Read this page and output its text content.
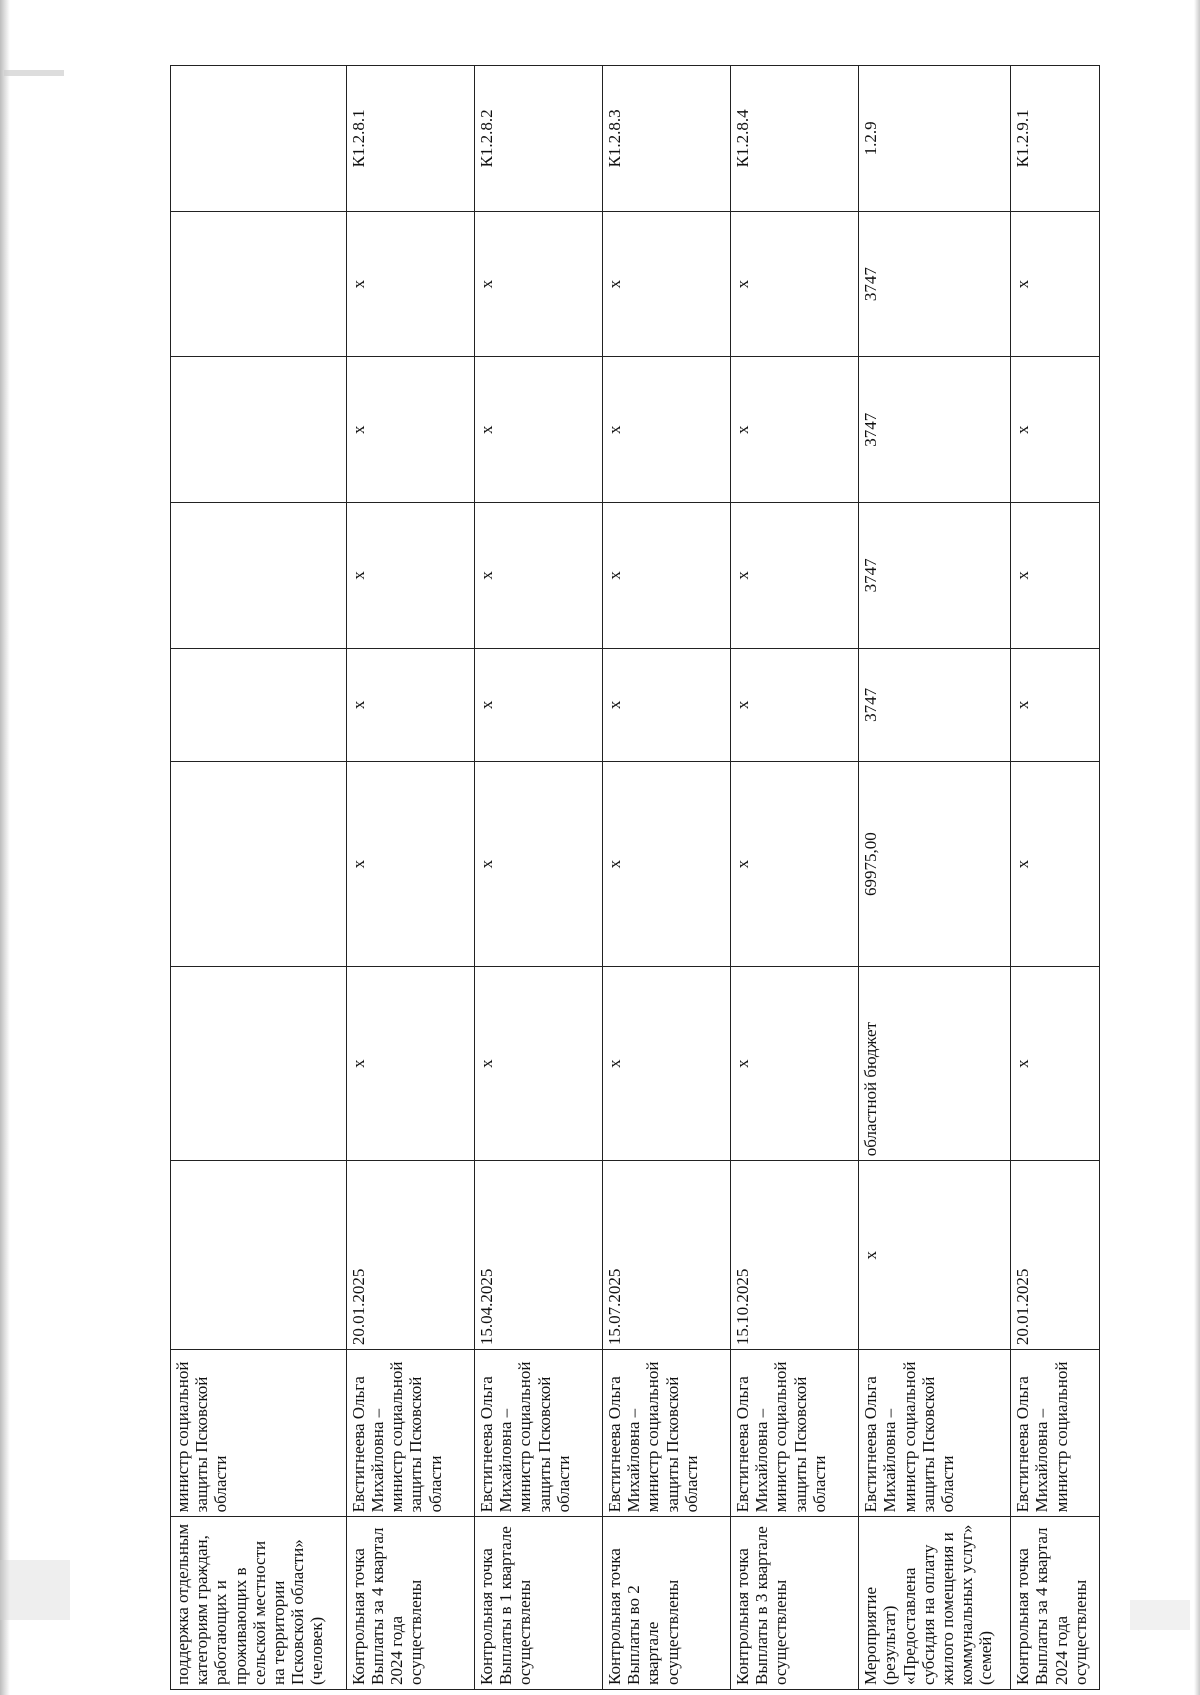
поддержка отдельным категориям граждан, работающих и проживающих в сельской местности на территории Псковской области» (человек)	министр социальной защиты Псковской области								
Контрольная точка Выплаты за 4 квартал 2024 года осуществлены	Евстигнеева Ольга Михайловна – министр социальной защиты Псковской области	20.01.2025	х	х	х	х	х	х	К1.2.8.1
Контрольная точка Выплаты в 1 квартале осуществлены	Евстигнеева Ольга Михайловна – министр социальной защиты Псковской области	15.04.2025	х	х	х	х	х	х	К1.2.8.2
Контрольная точка Выплаты во 2 квартале осуществлены	Евстигнеева Ольга Михайловна – министр социальной защиты Псковской области	15.07.2025	х	х	х	х	х	х	К1.2.8.3
Контрольная точка Выплаты в 3 квартале осуществлены	Евстигнеева Ольга Михайловна – министр социальной защиты Псковской области	15.10.2025	х	х	х	х	х	х	К1.2.8.4
Мероприятие (результат) «Предоставлена субсидия на оплату жилого помещения и коммунальных услуг» (семей)	Евстигнеева Ольга Михайловна – министр социальной защиты Псковской области	х	областной бюджет	69975,00	3747	3747	3747	3747	1.2.9
Контрольная точка Выплаты за 4 квартал 2024 года осуществлены	Евстигнеева Ольга Михайловна – министр социальной	20.01.2025	х	х	х	х	х	х	К1.2.9.1
